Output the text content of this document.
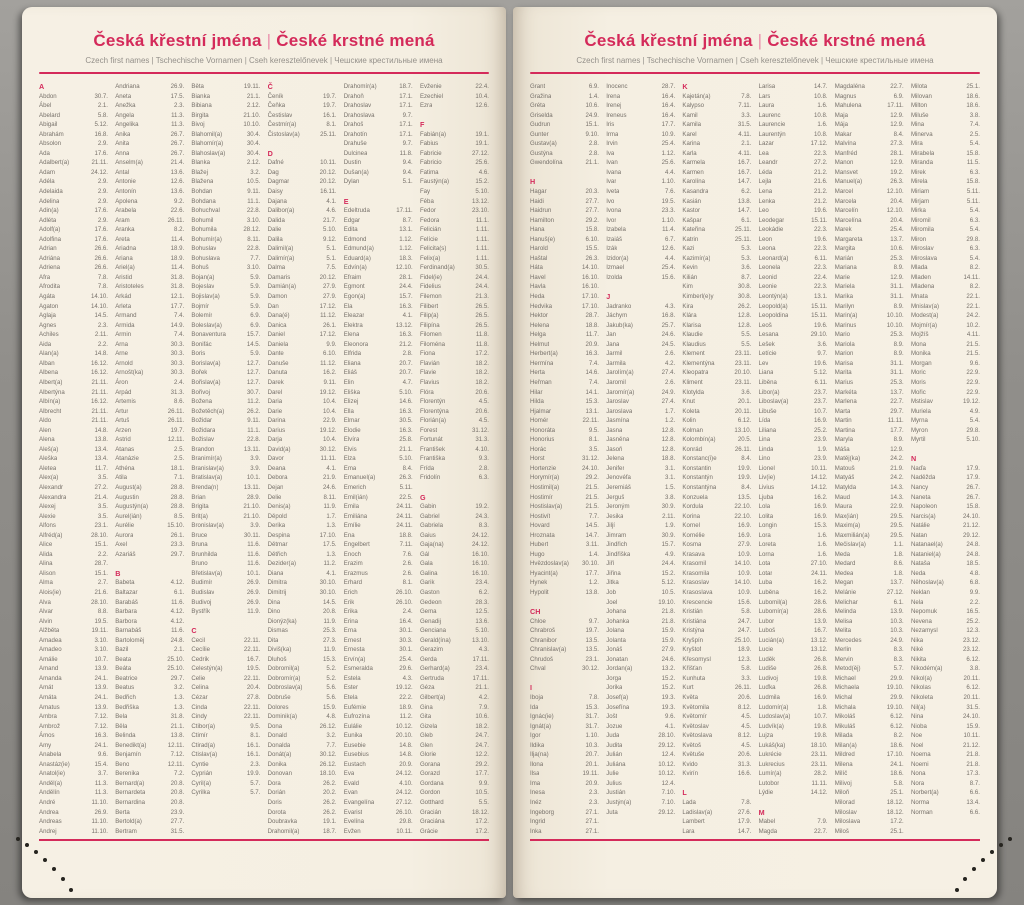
Česká křestní jména | České krstné mená
Czech first names | Tschechische Vornamen | Cseh keresztelőnevek | Чешские крестильные имена
A
Abdon	30.7.
Ábel	2.1.
Abelard	5.8.
Abigail	5.12.
Abrahám	16.8.
Absolon	2.9.
Ada	17.6.
Adalbert(a)	21.11.
Adam	24.12.
Adéla	2.9.
Adelaida	2.9.
Adelina	2.9.
Adin(a)	17.6.
Adléta	2.9.
Adolf(a)	17.6.
Adolfina	17.6.
Adrian	26.6.
Adriána	26.6.
Adriena	26.6.
Afra	7.8.
Afrodita	7.8.
Agáta	14.10.
Agaton	14.10.
Aglaja	14.5.
Agnes	2.3.
Achiles	2.11.
Aida	2.2.
Alan(a)	14.8.
Alban	16.12.
Albena	16.12.
Albert(a)	21.11.
Albertýna	21.11.
Albín(a)	16.12.
Albrecht	21.11.
Aldo	21.11.
Alen	14.8.
Alena	13.8.
Aleš(a)	13.4.
Aleška	13.4.
Aletea	11.7.
Alex(a)	3.5.
Alexandr	27.2.
Alexandra	21.4.
Alexej	3.5.
Alexie	3.5.
Alfons	23.1.
Alfréd(a)	28.10.
Alice	15.1.
Alida	2.2.
Alina	28.7.
Alison	15.1.
Alma	2.7.
Alois(ie)	21.6.
Alva	28.10.
Alvar	8.8.
Alvin	19.5.
Alžběta	19.11.
Amadea	3.10.
Amadeo	3.10.
Amálie	10.7.
Amand	13.9.
Amanda	24.1.
Amát	13.9.
Amáta	24.1.
Amatus	13.9.
Ambra	7.12.
Ambrož	7.12.
Ámos	16.3.
Amy	24.1.
Anabela	9.6.
Anastáz(ie)	15.4.
Anatol(ie)	3.7.
Anděl(a)	11.3.
Andělín	11.3.
André	11.10.
Andrea	26.9.
Andreas	11.10.
Andrej	11.10.
Andriana	26.9.
Aneta	17.5.
Anežka	2.3.
Angela	11.3.
Angelika	11.3.
Anika	26.7.
Anita	26.7.
Anna	26.7.
Anselm(a)	21.4.
Antal	13.6.
Antonie	12.6.
Antonín	13.6.
Apolena	9.2.
Arabela	22.6.
Aram	26.11.
Aranka	8.2.
Areta	11.4.
Ariadna	18.9.
Ariana	18.9.
Ariel(a)	11.4.
Aristid	31.8.
Aristoteles	31.8.
Arkád	12.1.
Arleta	17.7.
Armand	7.4.
Armida	14.9.
Armin	7.4.
Arna	30.3.
Arne	30.3.
Arnold	30.3.
Arnošt(ka)	30.3.
Áron	2.4.
Arpád	31.3.
Artemis	8.6.
Artur	26.11.
Artuš	26.11.
Arzen	19.7.
Astrid	12.11.
Atanas	2.5.
Atanázie	2.5.
Athéna	18.1.
Atila	7.1.
August(a)	28.8.
Augustin	28.8.
Augustýn(a)	28.8.
Aurel(ián)	8.5.
Aurélie	15.10.
Aurora	26.1.
Axel	23.3.
Azariáš	29.7.
B
Babeta	4.12.
Baltazar	6.1.
Barabáš	11.6.
Barbara	4.12.
Barbora	4.12.
Barnabáš	11.6.
Bartoloměj	24.8.
Bazil	2.1.
Beata	25.10.
Beáta	25.10.
Beatrice	29.7.
Beatus	3.2.
Bedřich	1.3.
Bedřiška	1.3.
Bela	31.8.
Běla	21.1.
Belinda	13.8.
Benedikt(a)	12.11.
Benjamín	7.12.
Beno	12.11.
Berenika	7.2.
Bernard(a)	20.8.
Bernardeta	20.8.
Bernardina	20.8.
Berta	23.9.
Bertold(a)	27.7.
Bertram	31.5.
Běta	19.11.
Bianka	21.1.
Bibiana	2.12.
Birgita	21.10.
Bivoj	10.10.
Blahomil(a)	30.4.
Blahomír(a)	30.4.
Blahoslav(a)	30.4.
Blanka	2.12.
Blažej	3.2.
Blažena	10.5.
Bohdan	9.11.
Bohdana	11.1.
Bohuchval	22.8.
Bohumil	3.10.
Bohumila	28.12.
Bohumír(a)	8.11.
Bohuslav	22.8.
Bohuslava	7.7.
Bohuš	3.10.
Bojan(a)	5.9.
Bojeslav	5.9.
Bojislav(a)	5.9.
Bojmír	5.9.
Bolemír	6.9.
Boleslav(a)	6.9.
Bonaventura	15.7.
Bonifác	14.5.
Boris	5.9.
Borislav(a)	12.7.
Bořek	12.7.
Bořislav(a)	12.7.
Bořivoj	30.7.
Božena	11.2.
Božetěch(a)	26.2.
Božidar	9.11.
Božidara	11.1.
Božislav	22.8.
Brandon	13.11.
Branimír(a)	3.9.
Branislav(a)	3.9.
Bratislav(a)	10.1.
Brenda(n)	13.11.
Brian	28.9.
Brigita	21.10.
Brit(a)	21.10.
Bronislav(a)	3.9.
Bruce	30.11.
Bruna	11.6.
Brunhilda	11.6.
Bruno	11.6.
Břetislav(a)	10.1.
Budimír	26.9.
Budislav	26.9.
Budivoj	26.9.
Bystřík	11.9.
C
Cecil	22.11.
Cecílie	22.11.
Cedrik	16.7.
Celestýn(a)	19.5.
Celie	22.11.
Celina	20.4.
Cézar	27.8.
Cinda	22.11.
Cindy	22.11.
Ctibor(a)	9.5.
Ctimír	8.1.
Ctirad(a)	16.1.
Ctislav(a)	16.1.
Cyntie	2.3.
Cyprián	19.9.
Cyril(a)	5.7.
Cyrilka	5.7.
Č
Čeník	19.7.
Čeňka	19.7.
Čestislav	16.1.
Čestmír(a)	8.1.
Čistoslav(a)	25.11.
D
Dafné	10.11.
Dag	20.12.
Dagmar	20.12.
Daisy	16.11.
Dajana	4.1.
Dalibor(a)	4.6.
Dalida	21.7.
Dalie	5.10.
Dalila	9.12.
Dalimil(a)	5.1.
Dalimír(a)	5.1.
Dalma	7.5.
Damaris	20.12.
Damián(a)	27.9.
Damon	27.9.
Dan	17.12.
Dana(é)	11.12.
Danica	26.1.
Daniel	17.12.
Daniela	9.9.
Dante	6.10.
Danuše	11.12.
Danuta	16.2.
Darek	9.11.
Darel	19.12.
Daria	10.4.
Darie	10.4.
Darina	22.9.
Darius	19.12.
Darja	10.4.
David(a)	30.12.
Davor	11.11.
Deana	4.1.
Debora	21.9.
Dejan	24.6.
Delie	8.11.
Denis(a)	11.9.
Děpold	1.7.
Derika	1.3.
Despina	17.10.
Dětmar	17.5.
Dětřich	1.3.
Dezider(a)	11.2.
Diana	4.1.
Dimitra	30.10.
Dimitrij	30.10.
Dina	14.5.
Dino	20.8.
Dionýz(ka)	11.9.
Dismas	25.3.
Dita	27.3.
Diviš(ka)	11.9.
Dluhoš	15.3.
Dobromil(a)	5.2.
Dobromír(a)	5.2.
Dobroslav(a)	5.6.
Dobruše	5.6.
Dolores	15.9.
Dominik(a)	4.8.
Dona	26.12.
Donald	3.2.
Donalda	7.7.
Donát(a)	30.12.
Donika	26.12.
Donovan	18.10.
Dora	26.2.
Dorián	20.2.
Doris	26.2.
Dorota	26.2.
Doubravka	19.1.
Drahomil(a)	18.7.
Drahomír(a)	18.7.
Drahoň	17.1.
Drahoslav	17.1.
Drahoslava	9.7.
Drahoš	17.1.
Drahotín	17.1.
Drahuše	9.7.
Dulcinea	11.8.
Dustin	9.4.
Dušan(a)	9.4.
Dylan	5.1.
E
Edeltruda	17.11.
Edgar	8.7.
Edita	13.1.
Edmond	1.12.
Edmund(a)	1.12.
Eduard(a)	18.3.
Edvín(a)	12.10.
Efraim	28.1.
Egmont	24.4.
Egon(a)	15.7.
Ela	16.3.
Eleazar	4.1.
Elektra	13.12.
Elena	16.3.
Eleonora	21.2.
Elfrida	2.8.
Eliana	20.7.
Eliáš	20.7.
Elin	4.7.
Eliška	5.10.
Elizej	14.6.
Ella	16.3.
Elmar	30.5.
Elodie	16.3.
Elvíra	25.8.
Elvis	21.1.
Elza	5.10.
Ema	8.4.
Emanuel(a)	26.3.
Emerich	5.11.
Emil(ián)	22.5.
Emila	24.11.
Emiliána	24.11.
Emílie	24.11.
Ena	18.8.
Engelbert	7.11.
Enoch	7.6.
Erazim	2.6.
Erazmus	2.6.
Erhard	8.1.
Erich	26.10.
Erik	26.10.
Erika	2.4.
Erina	16.4.
Erna	30.1.
Ernest	30.3.
Ernesta	30.1.
Ervín(a)	25.4.
Esmeralda	29.6.
Estela	4.3.
Ester	19.12.
Etela	22.2.
Eufémie	18.9.
Eufrozína	11.2.
Eulálie	10.12.
Eunika	20.10.
Eusebie	14.8.
Eusebius	14.8.
Eustach	20.9.
Eva	24.12.
Evald	4.10.
Evan	24.12.
Evangelína	27.12.
Evarist	26.10.
Evelína	29.8.
Evžen	10.11.
Evženie	22.4.
Ezechiel	10.4.
Ezra	12.6.
F
Fabián(a)	19.1.
Fabius	19.1.
Fabricie	27.12.
Fabricio	25.6.
Fatima	4.6.
Faustýn(a)	15.2.
Fay	5.10.
Féba	13.12.
Fedor	23.10.
Fedora	11.1.
Felicián	1.11.
Felície	1.11.
Felicita(s)	1.11.
Felix(a)	1.11.
Ferdinand(a)	30.5.
Fidel(ie)	24.4.
Fidelius	24.4.
Filemon	21.3.
Filibert	26.5.
Filip(a)	26.5.
Filipína	26.5.
Filomen	11.8.
Filoména	11.8.
Fiona	17.2.
Flavián	18.2.
Flavie	18.2.
Flavius	18.2.
Flóra	20.6.
Florentýn	4.5.
Florentýna	20.6.
Florián(a)	4.5.
Forest	31.12.
Fortunát	31.3.
František	4.10.
Františka	9.3.
Frída	2.8.
Fridolín	6.3.
G
Gabin	19.2.
Gabriel	24.3.
Gabriela	8.3.
Gaius	24.12.
Gaja(na)	24.12.
Gál	16.10.
Gala	16.10.
Galina	16.10.
Garik	23.4.
Gaston	6.2.
Gedeon	28.3.
Gema	12.5.
Genadij	13.6.
Genciana	5.10.
Gerald(ína)	13.10.
Gerazim	4.3.
Gerda	17.11.
Gerhard(a)	23.4.
Gertruda	17.11.
Géza	21.1.
Gilbert(a)	4.2.
Gina	7.9.
Gita	10.6.
Gizela	18.2.
Gleb	24.7.
Glen	24.7.
Glorie	12.2.
Gorana	29.2.
Gorazd	17.7.
Gordana	9.9.
Gordon	10.5.
Gotthard	5.5.
Gracián	18.12.
Graciána	17.2.
Grácie	17.2.
Česká křestní jména | České krstné mená
Czech first names | Tschechische Vornamen | Cseh keresztelőnevek | Чешские крестильные имена
Grant	6.9.
Gražina	1.4.
Gréta	10.6.
Griselda	24.9.
Gudrun	15.1.
Gunter	9.10.
Gustav(a)	2.8.
Gustýna	2.8.
Gwendolína	21.1.
H
Hagar	20.3.
Haidi	27.7.
Haidrun	27.7.
Hamilton	29.2.
Hana	15.8.
Hanuš(e)	6.10.
Harold	15.5.
Haštal	26.3.
Háta	14.10.
Havel	16.10.
Havla	16.10.
Heda	17.10.
Hedvika	17.10.
Hektor	28.7.
Helena	18.8.
Helga	11.7.
Helmut	20.9.
Herbert(a)	16.3.
Hermína	7.4.
Herta	14.6.
Heřman	7.4.
Hilar	14.1.
Hilda	15.3.
Hjalmar	13.1.
Homér	22.11.
Honoráta	9.5.
Honorius	8.1.
Horác	3.5.
Horst	31.12.
Hortenzie	24.10.
Horymír(a)	29.2.
Hostimil(a)	21.5.
Hostimír	21.5.
Hostislav(a)	21.5.
Hostivít	7.7.
Hovard	14.5.
Hroznata	14.7.
Hubert	3.11.
Hugo	1.4.
Hvězdoslav(a)	30.10.
Hyacint(a)	17.7.
Hynek	1.2.
Hypolit	13.8.
CH
Chloe	9.7.
Chrabroš	19.7.
Chranibor	13.5.
Chranislav(a)	13.5.
Chrudoš	23.1.
Chval	30.12.
I
Iboja	7.8.
Ida	15.3.
Ignác(ie)	31.7.
Ignát(a)	31.7.
Igor	1.10.
Ildika	10.3.
Ilja(na)	20.7.
Ilona	20.1.
Ilsa	19.11.
Ima	20.9.
Inesa	2.3.
Inéz	2.3.
Ingeborg	27.1.
Ingrid	27.1.
Inka	27.1.
Inocenc	28.7.
Irena	16.4.
Irenej	16.4.
Ireneus	16.4.
Iris	17.7.
Irma	10.9.
Irvin	25.4.
Iva	1.12.
Ivan	25.6.
Ivana	4.4.
Ivar	1.10.
Iveta	7.6.
Ivo	19.5.
Ivona	23.3.
Ivor	1.10.
Izabela	11.4.
Izaiáš	6.7.
Izák	12.6.
Izidor(a)	4.4.
Izmael	25.4.
Izolda	15.6.
J
Jadranko	4.3.
Jáchym	16.8.
Jakub(ka)	25.7.
Jan	24.6.
Jana	24.5.
Jarmil	2.6.
Jarmila	4.2.
Jarolím(a)	27.4.
Jaromil	2.6.
Jaromír(a)	24.9.
Jaroslav	27.4.
Jaroslava	1.7.
Jasmína	1.2.
Jasna	12.8.
Jasněna	12.8.
Jasoň	12.8.
Jelena	18.8.
Jenifer	3.1.
Jenovéfa	3.1.
Jeremiáš	1.5.
Jerguš	3.8.
Jeroným	30.9.
Jesika	2.11.
Jiljí	1.9.
Jimram	30.9.
Jindřich	15.7.
Jindřiška	4.9.
Jiří	24.4.
Jiřina	15.2.
Jitka	5.12.
Job	10.5.
Joel	19.10.
Johana	21.8.
Johanka	21.8.
Jolana	15.9.
Jolanta	15.9.
Jonáš	27.9.
Jonatan	24.6.
Jordan(a)	13.2.
Jorga	15.2.
Jorika	15.2.
Josef(a)	19.3.
Josefína	19.3.
Jošt	9.6.
Jozue	4.1.
Juda	28.10.
Judita	29.12.
Julián	12.4.
Juliána	10.12.
Julie	10.12.
Julius	12.4.
Justián	7.10.
Justýn(a)	7.10.
Juta	29.12.
K
Kajetán(a)	7.8.
Kalypso	7.11.
Kamil	3.3.
Kamila	31.5.
Karel	4.11.
Karina	2.1.
Karla	4.11.
Karmela	16.7.
Karmen	16.7.
Karolína	14.7.
Kasandra	6.2.
Kasián	13.8.
Kastor	14.7.
Kašpar	6.1.
Kateřina	25.11.
Katrin	25.11.
Kazi	5.3.
Kazimír(a)	5.3.
Kevin	3.6.
Kilián	8.7.
Kim	30.8.
Kimberl(e)y	30.8.
Kira	26.2.
Klára	12.8.
Klarisa	12.8.
Klaudie	5.5.
Klaudius	5.5.
Klement	23.11.
Klementýna	23.11.
Kleopatra	20.10.
Kliment	23.11.
Klotylda	3.6.
Knut	20.1.
Koleta	20.11.
Kolin	6.12.
Kolman	13.10.
Kolombín(a)	20.5.
Konrád	26.11.
Konstanc(i)e	8.4.
Konstantin	19.9.
Konstantýn	19.9.
Konstantýna	8.4.
Konzuela	13.5.
Kordula	22.10.
Korina	22.10.
Kornel	16.9.
Kornélie	16.9.
Kosma	27.9.
Krasava	10.9.
Krasomil	14.10.
Krasomila	10.9.
Krasoslav	14.10.
Krasoslava	10.9.
Krescencie	15.6.
Kristián	5.8.
Kristiána	24.7.
Kristýna	24.7.
Kryšpín	25.10.
Kryštof	18.9.
Křesomysl	12.3.
Křišťan	5.8.
Kunhuta	3.3.
Kurt	26.11.
Květa	20.6.
Květomila	8.12.
Květomír	4.5.
Květoslav	4.5.
Květoslava	8.12.
Květoš	4.5.
Květuše	20.6.
Kvido	31.3.
Kvirín	16.6.
L
Lada	7.8.
Ladislav(a)	27.6.
Lambert	17.9.
Lara	14.7.
Larisa	14.7.
Lars	10.8.
Laura	1.6.
Laurenc	10.8.
Laurencie	1.6.
Laurentýn	10.8.
Lazar	17.12.
Lea	22.3.
Leandr	27.2.
Léda	21.2.
Lejla	21.6.
Lena	21.2.
Lenka	21.2.
Leo	19.6.
Leodegar	15.11.
Leokádie	22.3.
Leon	19.6.
Leona	22.3.
Leonard(a)	6.11.
Leonela	22.3.
Leonid	22.4.
Leonie	22.3.
Leontýn(a)	13.1.
Leopold(a)	15.11.
Leopoldina	15.11.
Leoš	19.6.
Lesana	29.10.
Lešek	3.6.
Letície	9.7.
Lev	19.6.
Liana	5.12.
Liběna	6.11.
Libor(a)	23.7.
Liboslav(a)	23.7.
Libuše	10.7.
Lída	16.9.
Liliana	25.2.
Lina	23.9.
Linda	1.9.
Lino	23.9.
Lionel	10.11.
Liv(ie)	14.12.
Livius	14.12.
Ljuba	16.2.
Lola	16.9.
Lolita	16.9.
Longin	15.3.
Lora	1.6.
Loreta	1.6.
Lorna	1.6.
Lota	27.10.
Lotar	24.11.
Luba	16.2.
Luběna	16.2.
Lubomil(a)	28.6.
Lubomír(a)	28.6.
Lubor	13.9.
Luboš	16.7.
Lucián(a)	13.12.
Lucie	13.12.
Luděk	26.8.
Ludiše	26.8.
Ludivoj	19.8.
Luďka	26.8.
Ludmila	16.9.
Ludomír(a)	1.8.
Ludoslav(a)	10.7.
Ludvík(a)	19.8.
Lujza	19.8.
Lukáš(ka)	18.10.
Lukrécie	23.11.
Lukrecius	23.11.
Lumír(a)	28.2.
Lutobor	11.11.
Lýdie	14.12.
M
Mabel	7.9.
Magda	22.7.
Magdaléna	22.7.
Magnus	6.9.
Mahulena	17.11.
Maja	12.9.
Mája	12.9.
Makar	8.4.
Malvína	27.3.
Manfréd	28.1.
Manon	12.9.
Mansvet	19.2.
Manuel(a)	26.3.
Marcel	12.10.
Marcela	20.4.
Marcelín	12.10.
Marcelína	20.4.
Marek	25.4.
Margareta	13.7.
Margita	10.6.
Marián	25.3.
Mariana	8.9.
Marie	12.9.
Mariela	31.1.
Marika	31.1.
Marilyn	8.9.
Marin(a)	10.10.
Marinus	10.10.
Mario	25.3.
Mariola	8.9.
Marion	8.9.
Marisa	31.1.
Marita	31.1.
Marius	25.3.
Markéta	13.7.
Marlena	22.7.
Marta	29.7.
Martin	11.11.
Martina	17.7.
Maryla	8.9.
Máša	12.9.
Matěj(ka)	24.2.
Matouš	21.9.
Matyáš	24.2.
Matylda	14.3.
Maud	14.3.
Maura	22.9.
Max(ián)	29.5.
Maxim(a)	29.5.
Maxmilián(a)	29.5.
Mečislav(a)	1.1.
Meda	1.8.
Medard	8.6.
Medea	1.8.
Megan	13.7.
Melánie	27.12.
Melichar	6.1.
Melinda	13.9.
Melisa	10.3.
Melita	10.3.
Mercedes	24.9.
Merlin	8.3.
Mervin	8.3.
Metod(ěj)	5.7.
Michael	29.9.
Michaela	19.10.
Michal	29.9.
Michala	19.10.
Mikoláš	6.12.
Mikuláš	6.12.
Milada	8.2.
Milan(a)	18.6.
Mildred	17.10.
Milena	24.1.
Milíč	18.6.
Milivoj	5.8.
Miloň	25.1.
Milorad	18.12.
Miloslav	18.12.
Miloslava	17.2.
Miloš	25.1.
Milota	25.1.
Milovan	18.6.
Milton	18.6.
Miluše	3.8.
Mina	7.4.
Minerva	2.5.
Mira	5.4.
Mirabela	15.8.
Miranda	11.5.
Mirek	6.3.
Mirela	15.8.
Miriam	5.11.
Mirjam	5.11.
Mirka	5.4.
Miromil	6.3.
Miromila	5.4.
Miron	29.8.
Miroslav	6.3.
Miroslava	5.4.
Mlada	8.2.
Mladen	14.11.
Mladena	8.2.
Mnata	22.1.
Mnislav(a)	22.1.
Modest(a)	24.2.
Mojmír(a)	10.2.
Mojžíš	4.11.
Mona	21.5.
Monika	21.5.
Morgan	9.6.
Moric	22.9.
Moris	22.9.
Mořic	22.9.
Mstislav	19.12.
Muriela	4.9.
Myrna	5.4.
Myron	29.8.
Myrtil	5.10.
N
Naďa	17.9.
Naděžda	17.9.
Nancy	26.7.
Naneta	26.7.
Napoleon	15.8.
Narcis(a)	24.10.
Natálie	21.12.
Natan	29.12.
Natanael(a)	24.8.
Nataniel(a)	24.8.
Nataša	18.5.
Neda	4.8.
Něhoslav(a)	6.8.
Neklan	9.9.
Nela	2.2.
Nepomuk	16.5.
Nevena	25.2.
Nezamysl	12.3.
Nika	23.12.
Niké	23.12.
Nikita	6.12.
Nikodém(a)	3.8.
Nikol(a)	20.11.
Nikolas	6.12.
Nikoleta	20.11.
Nil(a)	31.5.
Nina	24.10.
Nioba	15.9.
Noe	10.11.
Noel	21.12.
Noema	21.8.
Noemi	21.8.
Nona	17.3.
Nora	8.7.
Norbert(a)	6.6.
Norma	13.4.
Norman	6.6.
